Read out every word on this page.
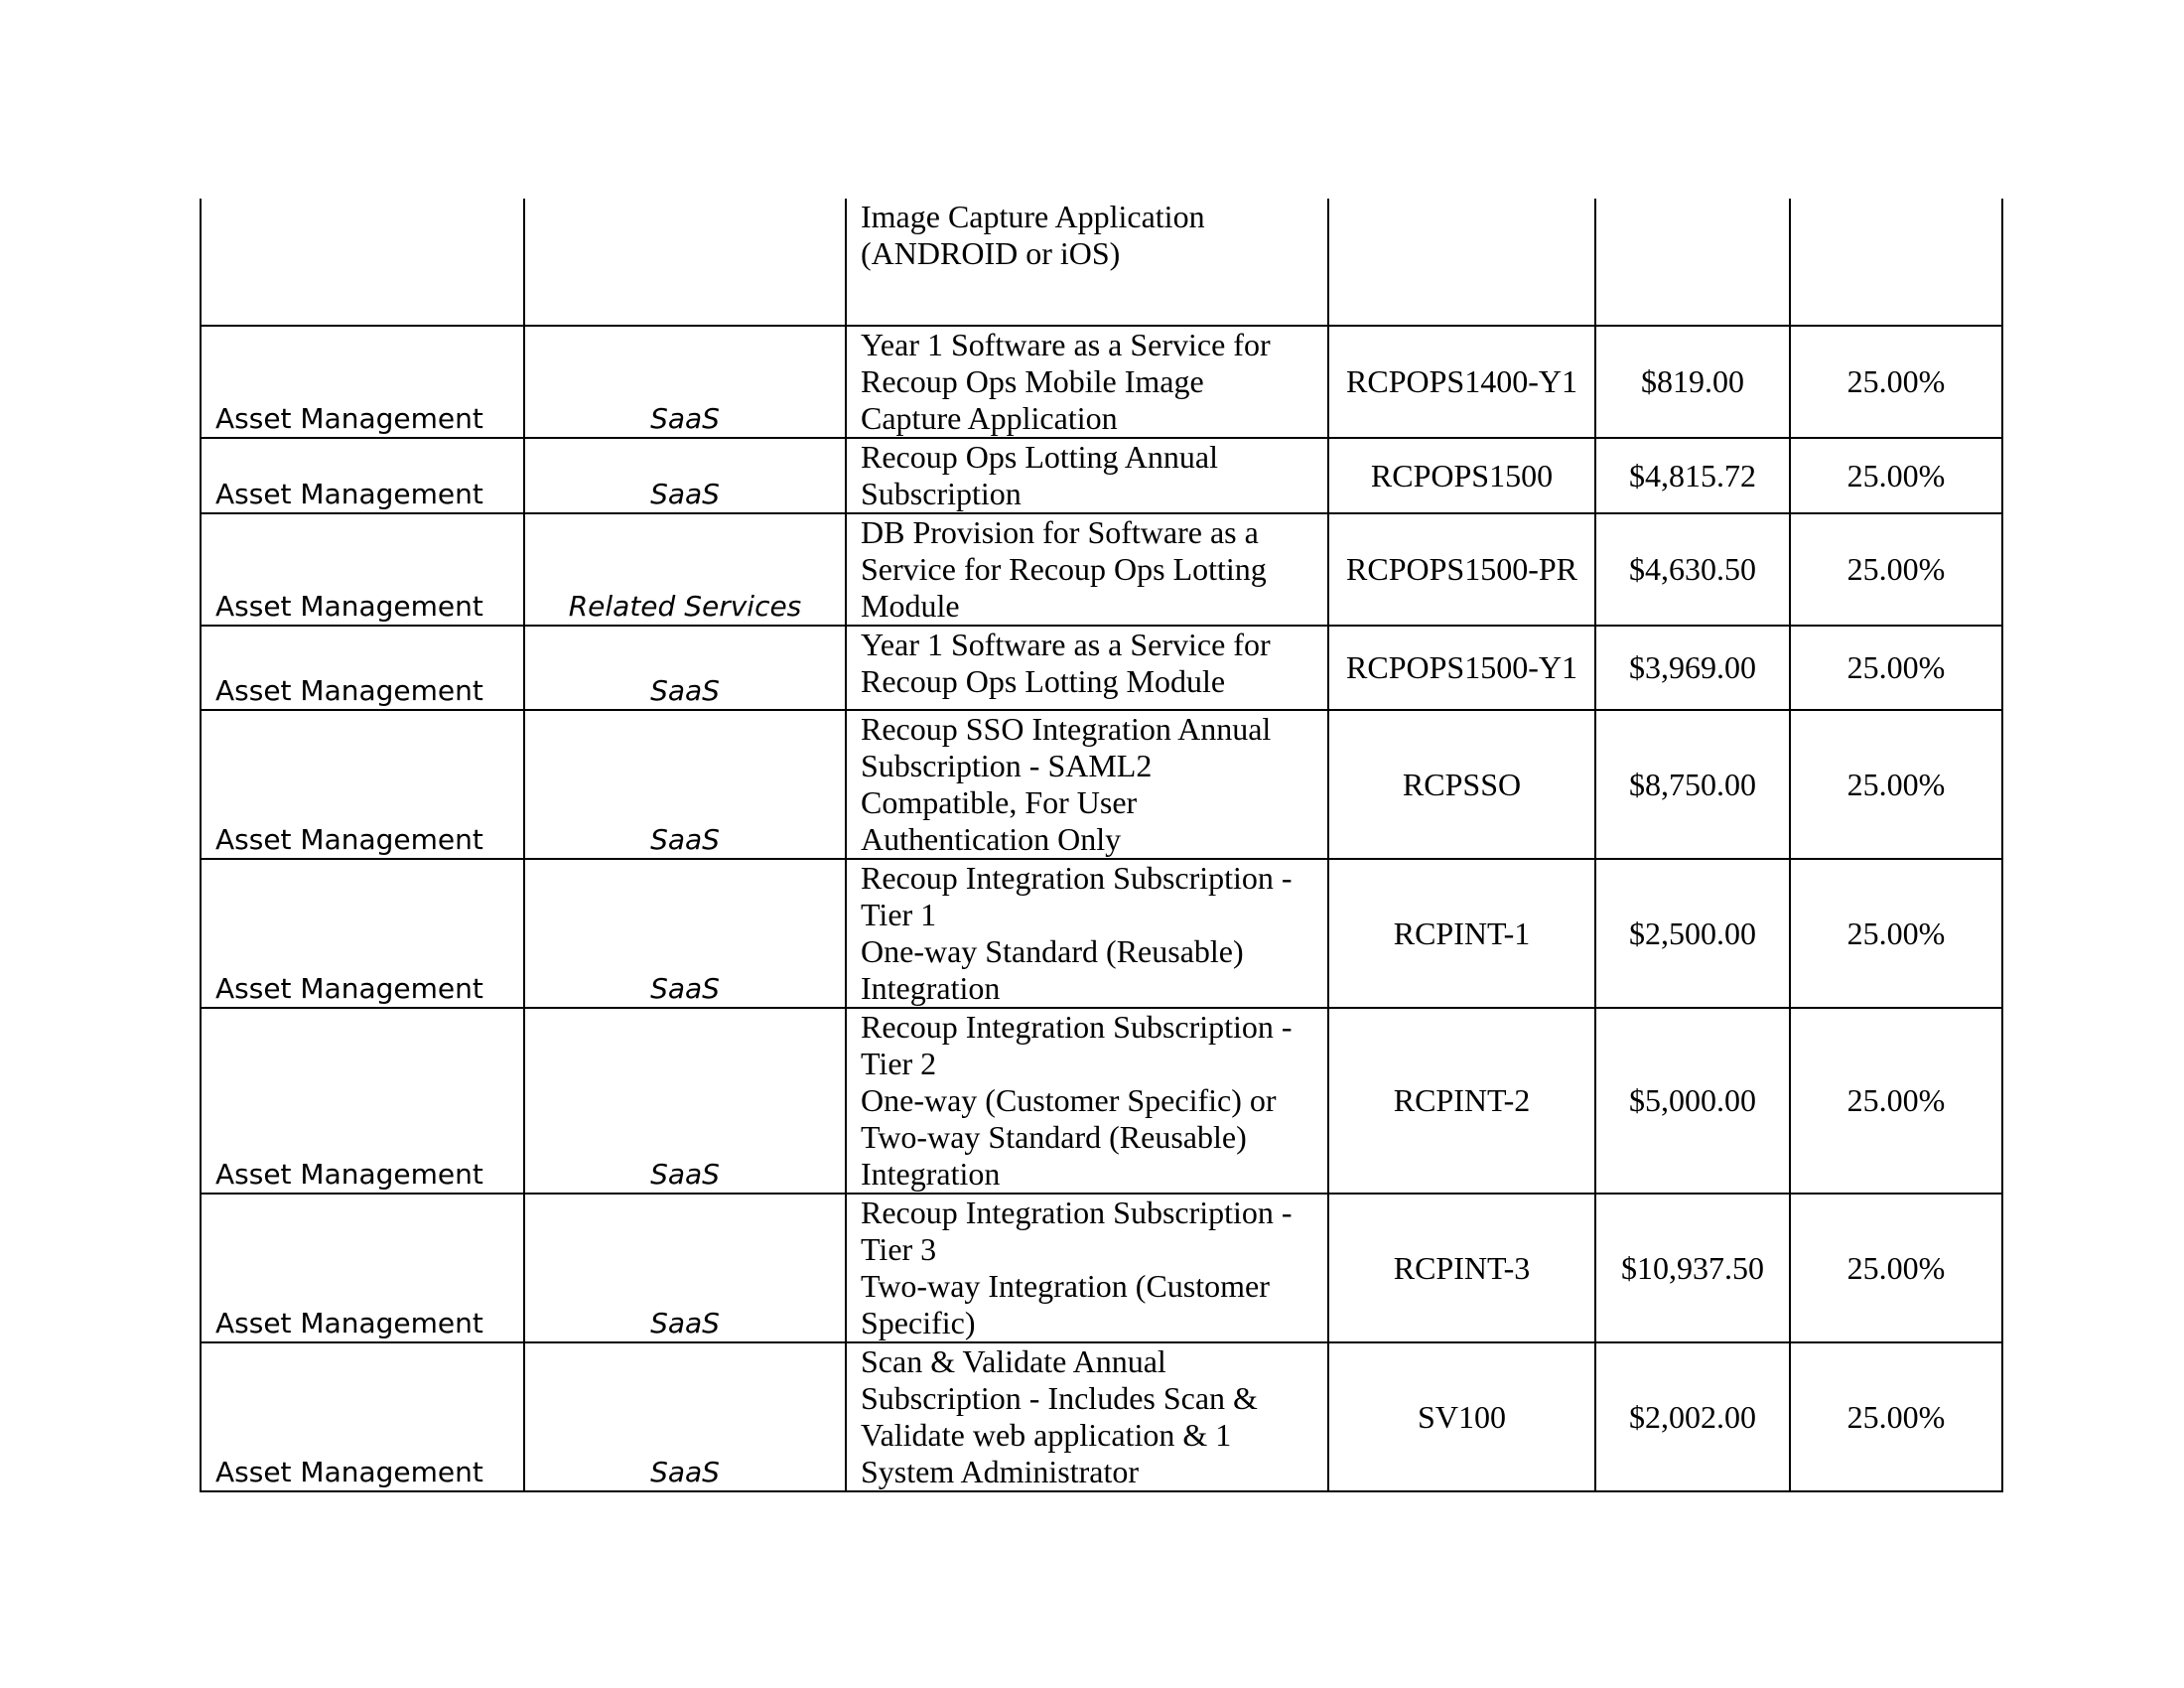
		Image Capture Application
(ANDROID or iOS)			
Asset Management	SaaS	Year 1 Software as a Service for
Recoup Ops Mobile Image
Capture Application	RCPOPS1400-Y1	$819.00	25.00%
Asset Management	SaaS	Recoup Ops Lotting Annual
Subscription	RCPOPS1500	$4,815.72	25.00%
Asset Management	Related Services	DB Provision for Software as a
Service for Recoup Ops Lotting
Module	RCPOPS1500-PR	$4,630.50	25.00%
Asset Management	SaaS	Year 1 Software as a Service for
Recoup Ops Lotting Module	RCPOPS1500-Y1	$3,969.00	25.00%
Asset Management	SaaS	Recoup SSO Integration Annual
Subscription - SAML2
Compatible, For User
Authentication Only	RCPSSO	$8,750.00	25.00%
Asset Management	SaaS	Recoup Integration Subscription -
Tier 1
One-way Standard (Reusable)
Integration	RCPINT-1	$2,500.00	25.00%
Asset Management	SaaS	Recoup Integration Subscription -
Tier 2
One-way (Customer Specific) or
Two-way Standard (Reusable)
Integration	RCPINT-2	$5,000.00	25.00%
Asset Management	SaaS	Recoup Integration Subscription -
Tier 3
Two-way Integration (Customer
Specific)	RCPINT-3	$10,937.50	25.00%
Asset Management	SaaS	Scan & Validate Annual
Subscription - Includes Scan &
Validate web application & 1
System Administrator	SV100	$2,002.00	25.00%
